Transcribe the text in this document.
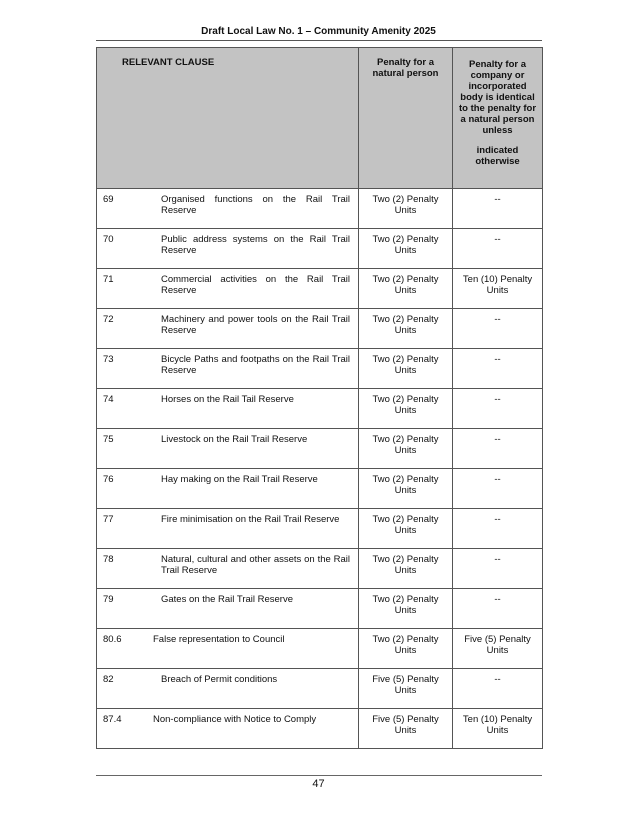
Draft Local Law No. 1 – Community Amenity 2025
RELEVANT CLAUSE	Penalty for a natural person	Penalty for a company or incorporated body is identical to the penalty for a natural person unless
indicated otherwise

69 Organised functions on the Rail Trail Reserve	Two (2) Penalty Units	--

70 Public address systems on the Rail Trail Reserve	Two (2) Penalty Units	--

71 Commercial activities on the Rail Trail Reserve	Two (2) Penalty Units	Ten (10) Penalty Units

72 Machinery and power tools on the Rail Trail Reserve	Two (2) Penalty Units	--

73 Bicycle Paths and footpaths on the Rail Trail Reserve	Two (2) Penalty Units	--

74 Horses on the Rail Tail Reserve	Two (2) Penalty Units	--

75 Livestock on the Rail Trail Reserve	Two (2) Penalty Units	--

76 Hay making on the Rail Trail Reserve	Two (2) Penalty Units	--

77 Fire minimisation on the Rail Trail Reserve	Two (2) Penalty Units	--

78 Natural, cultural and other assets on the Rail Trail Reserve	Two (2) Penalty Units	--

79 Gates on the Rail Trail Reserve	Two (2) Penalty Units	--

80.6 False representation to Council	Two (2) Penalty Units	Five (5) Penalty Units

82 Breach of Permit conditions	Five (5) Penalty Units	--

87.4 Non-compliance with Notice to Comply	Five (5) Penalty Units	Ten (10) Penalty Units
47
